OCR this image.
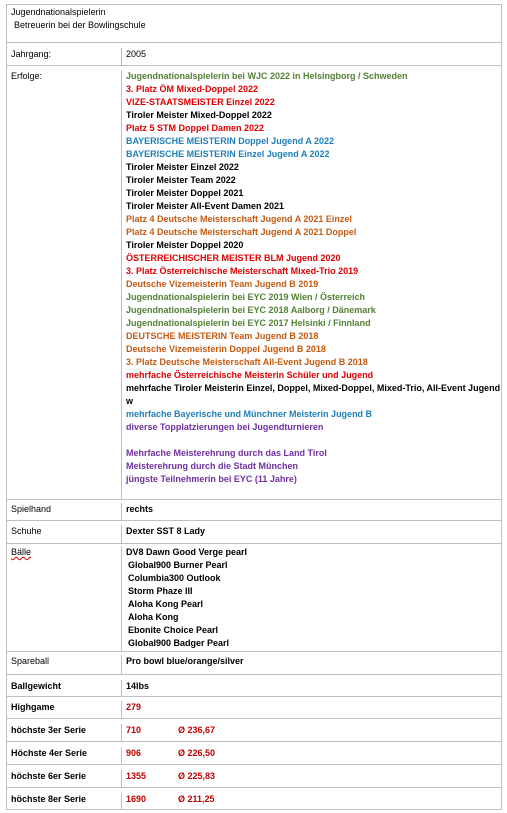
Jugendnationalspielerin
Betreuerin bei der Bowlingschule
Jahrgang:	2005
Erfolge:	Jugendnationalspielerin bei WJC 2022 in Helsingborg / Schweden
3. Platz ÖM Mixed-Doppel 2022
VIZE-STAATSMEISTER Einzel 2022
Tiroler Meister Mixed-Doppel 2022
Platz 5 STM Doppel Damen 2022
BAYERISCHE MEISTERIN Doppel Jugend A 2022
BAYERISCHE MEISTERIN Einzel Jugend A 2022
Tiroler Meister Einzel 2022
Tiroler Meister Team 2022
Tiroler Meister Doppel 2021
Tiroler Meister All-Event Damen 2021
Platz 4 Deutsche Meisterschaft Jugend A 2021 Einzel
Platz 4 Deutsche Meisterschaft Jugend A 2021 Doppel
Tiroler Meister Doppel 2020
ÖSTERREICHISCHER MEISTER BLM Jugend 2020
3. Platz Österreichische Meisterschaft Mixed-Trio 2019
Deutsche Vizemeisterin Team Jugend B 2019
Jugendnationalspielerin bei EYC 2019 Wien / Österreich
Jugendnationalspielerin bei EYC 2018 Aalborg / Dänemark
Jugendnationalspielerin bei EYC 2017 Helsinki / Finnland
DEUTSCHE MEISTERIN Team Jugend B 2018
Deutsche Vizemeisterin Doppel Jugend B 2018
3. Platz Deutsche Meisterschaft All-Event Jugend B 2018
mehrfache Österreichische Meisterin Schüler und Jugend
mehrfache Tiroler Meisterin Einzel, Doppel, Mixed-Doppel, Mixed-Trio, All-Event Jugend w
mehrfache Bayerische und Münchner Meisterin Jugend B
diverse Topplatzierungen bei Jugendturnieren
Mehrfache Meisterehrung durch das Land Tirol
Meisterehrung durch die Stadt München
jüngste Teilnehmerin bei EYC (11 Jahre)
Spielhand	rechts
Schuhe	Dexter SST 8 Lady
Bälle	DV8 Dawn Good Verge pearl
Global900 Burner Pearl
Columbia300 Outlook
Storm Phaze III
Aloha Kong Pearl
Aloha Kong
Ebonite Choice Pearl
Global900 Badger Pearl
Spareball	Pro bowl blue/orange/silver
Ballgewicht	14lbs
Highgame	279
höchste 3er Serie	710	Ø 236,67
Höchste 4er Serie	906	Ø 226,50
höchste 6er Serie	1355	Ø 225,83
höchste 8er Serie	1690	Ø 211,25
